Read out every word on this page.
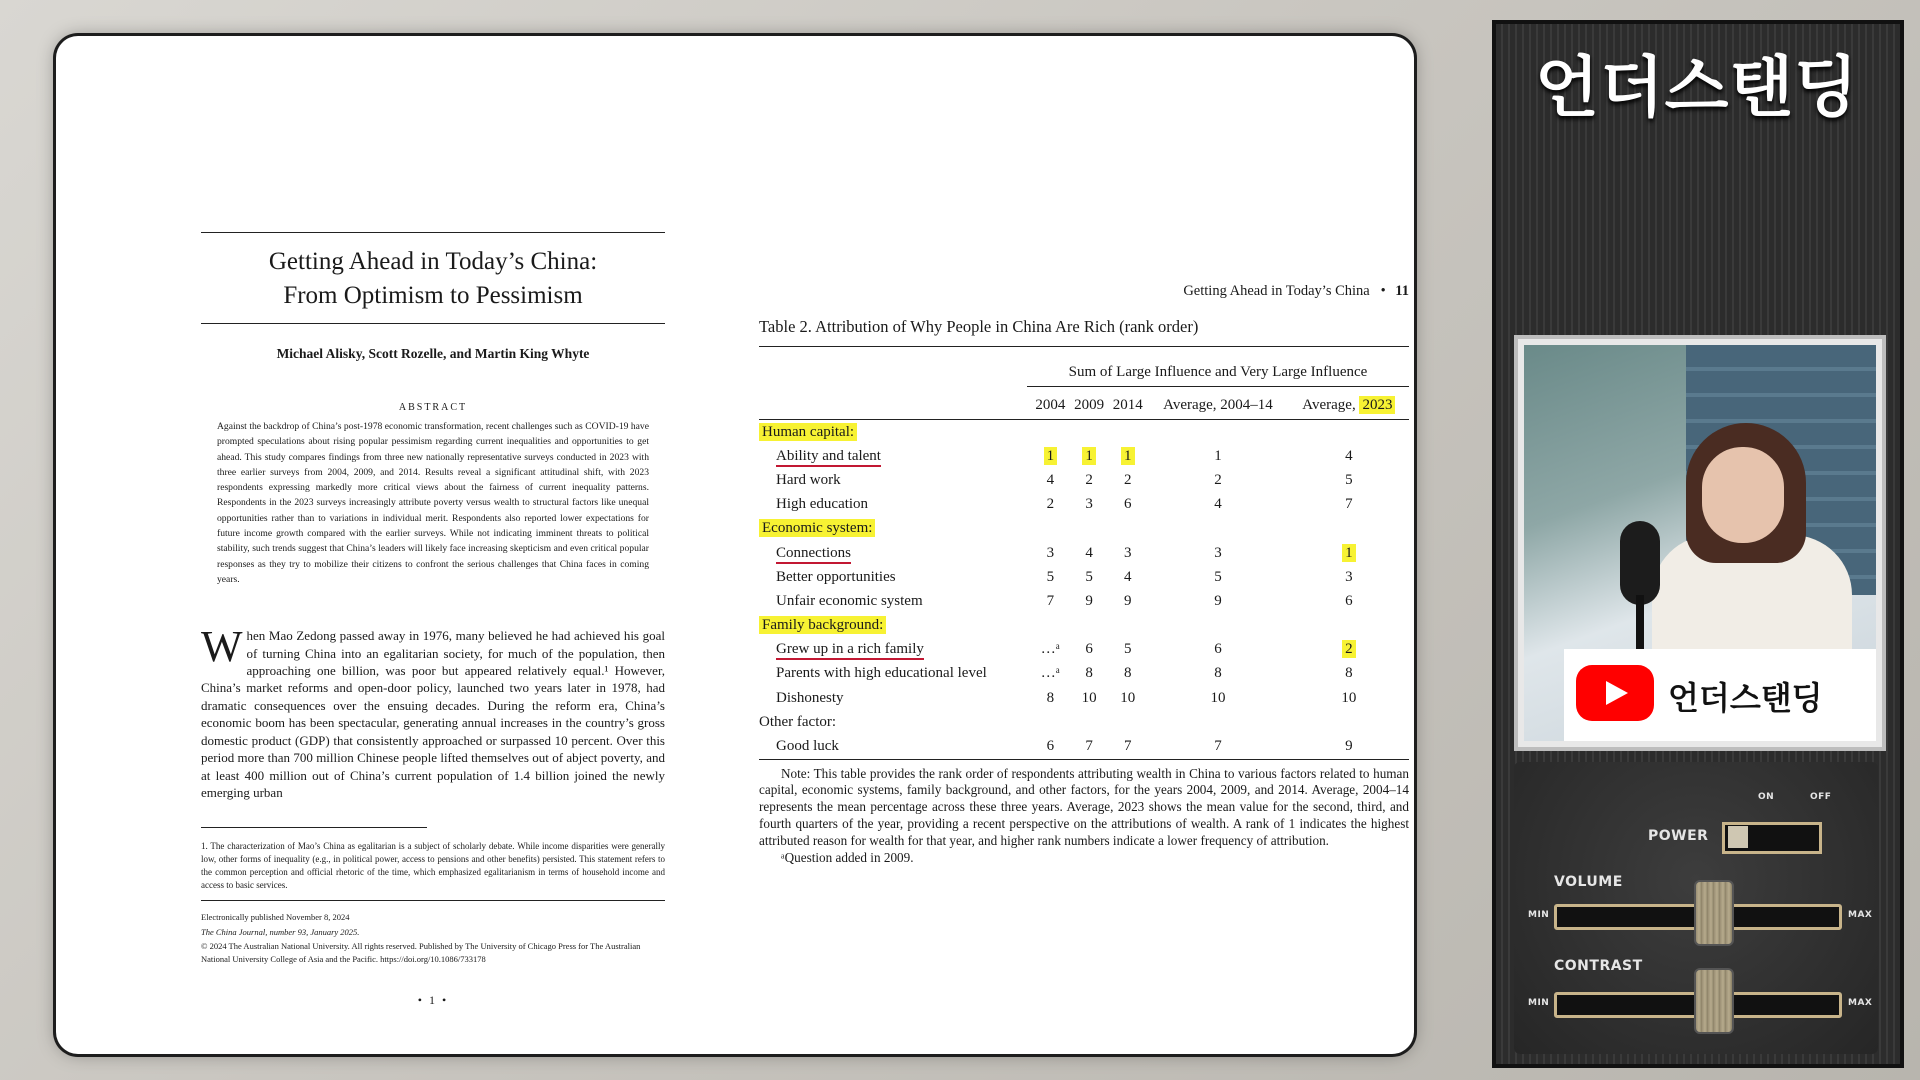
Getting Ahead in Today’s China:
From Optimism to Pessimism
Michael Alisky, Scott Rozelle, and Martin King Whyte
ABSTRACT
Against the backdrop of China’s post-1978 economic transformation, recent challenges such as COVID-19 have prompted speculations about rising popular pessimism regarding current inequalities and opportunities to get ahead. This study compares findings from three new nationally representative surveys conducted in 2023 with three earlier surveys from 2004, 2009, and 2014. Results reveal a significant attitudinal shift, with 2023 respondents expressing markedly more critical views about the fairness of current inequality patterns. Respondents in the 2023 surveys increasingly attribute poverty versus wealth to structural factors like unequal opportunities rather than to variations in individual merit. Respondents also reported lower expectations for future income growth compared with the earlier surveys. While not indicating imminent threats to political stability, such trends suggest that China’s leaders will likely face increasing skepticism and even critical popular responses as they try to mobilize their citizens to confront the serious challenges that China faces in coming years.
When Mao Zedong passed away in 1976, many believed he had achieved his goal of turning China into an egalitarian society, for much of the population, then approaching one billion, was poor but appeared relatively equal.¹ However, China’s market reforms and open-door policy, launched two years later in 1978, had dramatic consequences over the ensuing decades. During the reform era, China’s economic boom has been spectacular, generating annual increases in the country’s gross domestic product (GDP) that consistently approached or surpassed 10 percent. Over this period more than 700 million Chinese people lifted themselves out of abject poverty, and at least 400 million out of China’s current population of 1.4 billion joined the newly emerging urban
1. The characterization of Mao’s China as egalitarian is a subject of scholarly debate. While income disparities were generally low, other forms of inequality (e.g., in political power, access to pensions and other benefits) persisted. This statement refers to the common perception and official rhetoric of the time, which emphasized egalitarianism in terms of household income and access to basic services.
Electronically published November 8, 2024
The China Journal, number 93, January 2025.
© 2024 The Australian National University. All rights reserved. Published by The University of Chicago Press for The Australian National University College of Asia and the Pacific. https://doi.org/10.1086/733178
• 1 •
Getting Ahead in Today’s China • 11
Table 2. Attribution of Why People in China Are Rich (rank order)
Sum of Large Influence and Very Large Influence
	2004	2009	2014	Average, 2004–14	Average, 2023
Human capital:					
Ability and talent	1	1	1	1	4
Hard work	4	2	2	2	5
High education	2	3	6	4	7
Economic system:					
Connections	3	4	3	3	1
Better opportunities	5	5	4	5	3
Unfair economic system	7	9	9	9	6
Family background:					
Grew up in a rich family	…ᵃ	6	5	6	2
Parents with high educational level	…ᵃ	8	8	8	8
Dishonesty	8	10	10	10	10
Other factor:					
Good luck	6	7	7	7	9
Note: This table provides the rank order of respondents attributing wealth in China to various factors related to human capital, economic systems, family background, and other factors, for the years 2004, 2009, and 2014. Average, 2004–14 represents the mean percentage across these three years. Average, 2023 shows the mean value for the second, third, and fourth quarters of the year, providing a recent perspective on the attributions of wealth. A rank of 1 indicates the highest attributed reason for wealth for that year, and higher rank numbers indicate a lower frequency of attribution.
ᵃQuestion added in 2009.
언더스탠딩
언더스탠딩
ON	OFF
POWER
VOLUME
MIN	MAX
CONTRAST
MIN	MAX
